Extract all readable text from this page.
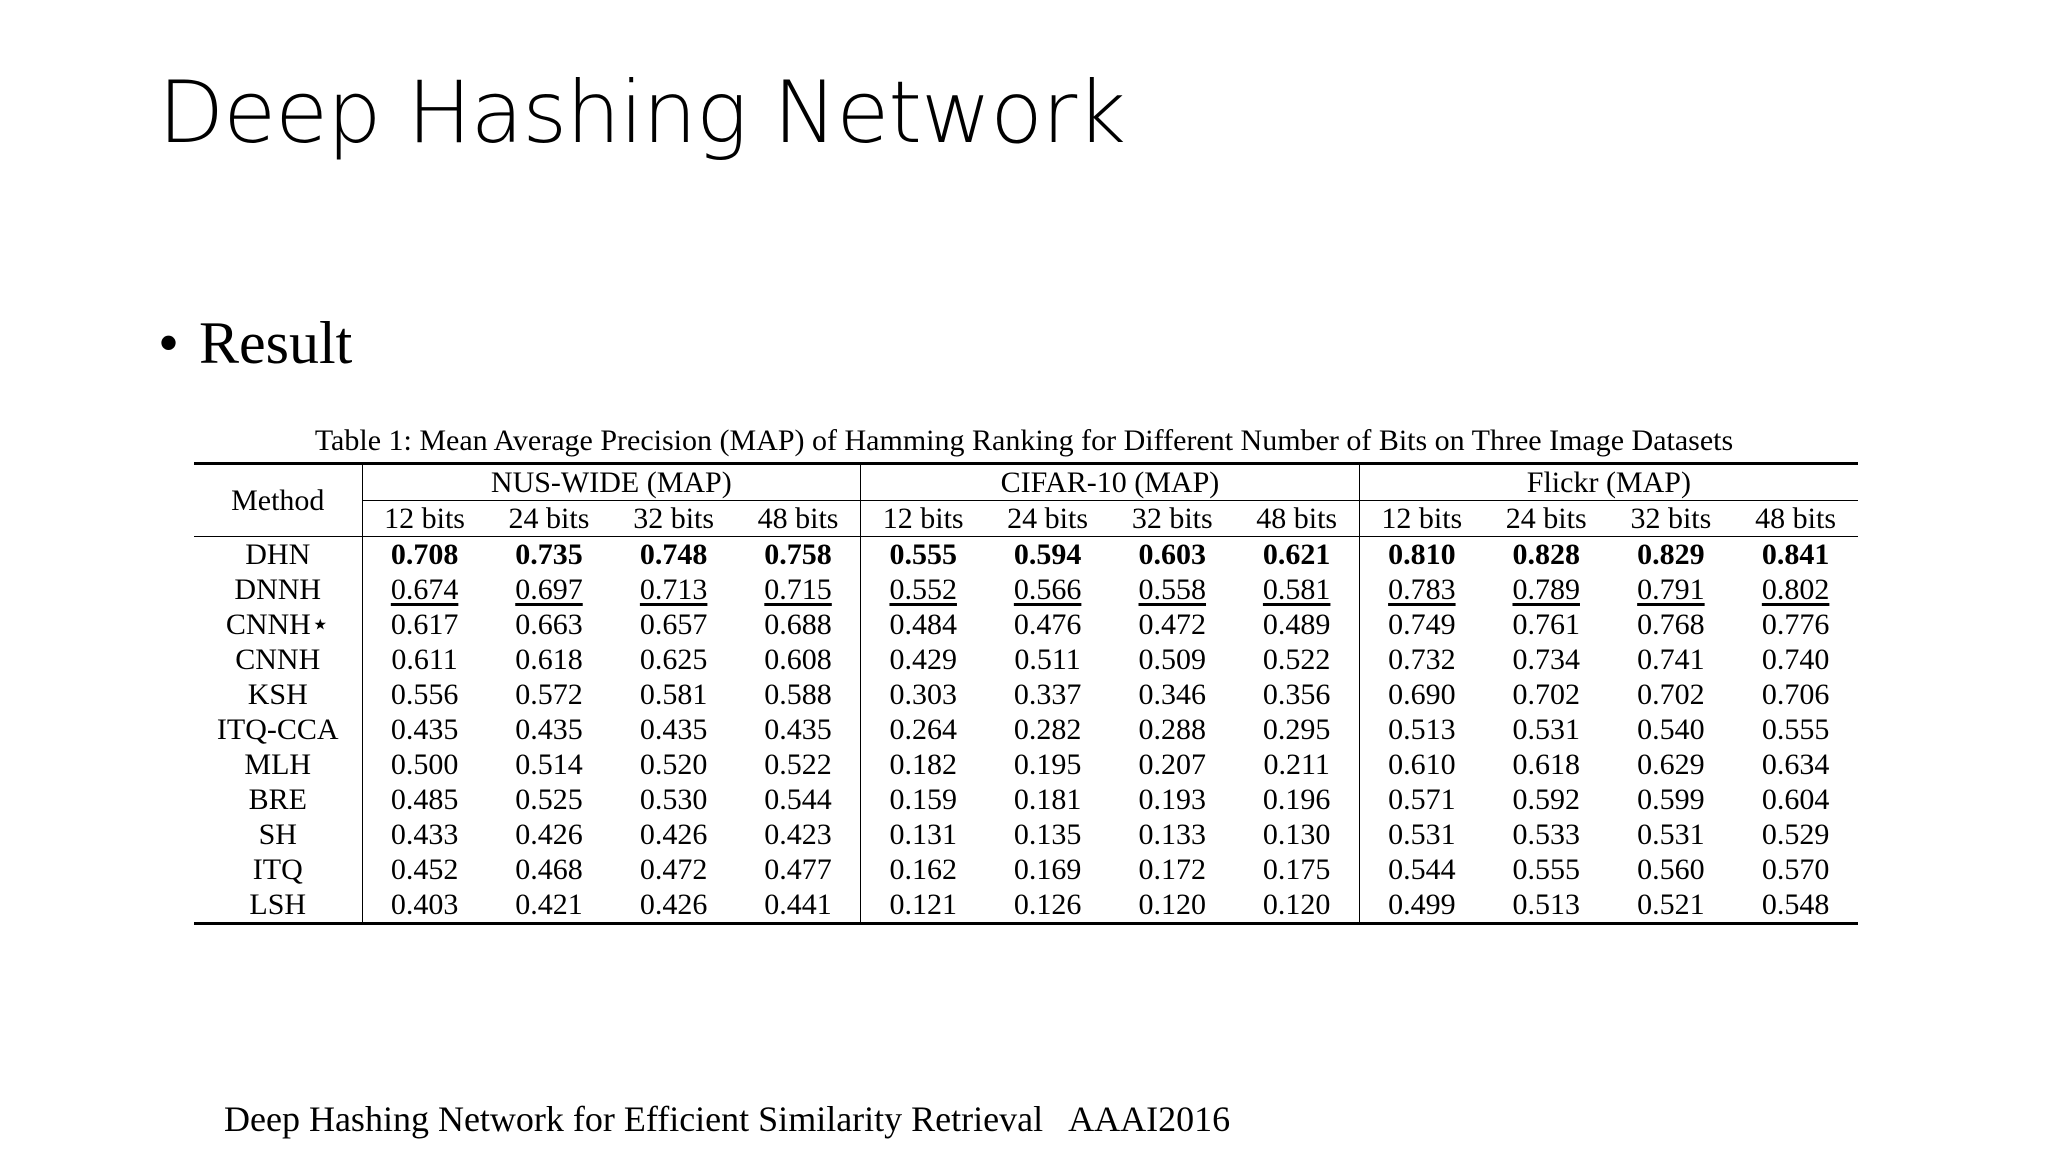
Deep Hashing Network
• Result
Table 1: Mean Average Precision (MAP) of Hamming Ranking for Different Number of Bits on Three Image Datasets
Method	NUS-WIDE (MAP)				CIFAR-10 (MAP)				Flickr (MAP)			
	12 bits	24 bits	32 bits	48 bits	12 bits	24 bits	32 bits	48 bits	12 bits	24 bits	32 bits	48 bits
DHN	0.708	0.735	0.748	0.758	0.555	0.594	0.603	0.621	0.810	0.828	0.829	0.841
DNNH	0.674	0.697	0.713	0.715	0.552	0.566	0.558	0.581	0.783	0.789	0.791	0.802
CNNH⋆	0.617	0.663	0.657	0.688	0.484	0.476	0.472	0.489	0.749	0.761	0.768	0.776
CNNH	0.611	0.618	0.625	0.608	0.429	0.511	0.509	0.522	0.732	0.734	0.741	0.740
KSH	0.556	0.572	0.581	0.588	0.303	0.337	0.346	0.356	0.690	0.702	0.702	0.706
ITQ-CCA	0.435	0.435	0.435	0.435	0.264	0.282	0.288	0.295	0.513	0.531	0.540	0.555
MLH	0.500	0.514	0.520	0.522	0.182	0.195	0.207	0.211	0.610	0.618	0.629	0.634
BRE	0.485	0.525	0.530	0.544	0.159	0.181	0.193	0.196	0.571	0.592	0.599	0.604
SH	0.433	0.426	0.426	0.423	0.131	0.135	0.133	0.130	0.531	0.533	0.531	0.529
ITQ	0.452	0.468	0.472	0.477	0.162	0.169	0.172	0.175	0.544	0.555	0.560	0.570
LSH	0.403	0.421	0.426	0.441	0.121	0.126	0.120	0.120	0.499	0.513	0.521	0.548
Deep Hashing Network for Efficient Similarity Retrieval   AAAI2016
